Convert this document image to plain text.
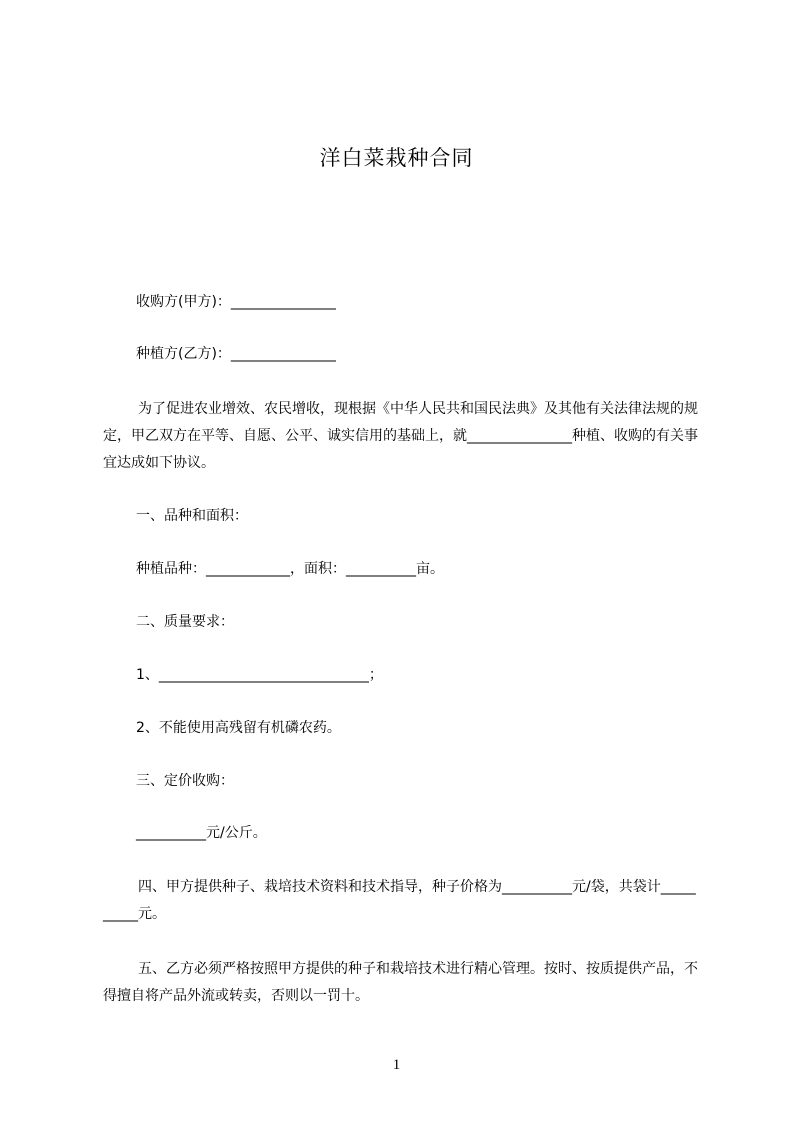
洋白菜栽种合同
收购方(甲方)：_______________
种植方(乙方)：_______________
为了促进农业增效、农民增收，现根据《中华人民共和国民法典》及其他有关法律法规的规定，甲乙双方在平等、自愿、公平、诚实信用的基础上，就_______________种植、收购的有关事宜达成如下协议。
一、品种和面积：
种植品种：____________，面积：__________亩。
二、质量要求：
1、______________________________；
2、不能使用高残留有机磷农药。
三、定价收购：
__________元/公斤。
四、甲方提供种子、栽培技术资料和技术指导，种子价格为__________元/袋，共袋计__________元。
五、乙方必须严格按照甲方提供的种子和栽培技术进行精心管理。按时、按质提供产品，不得擅自将产品外流或转卖，否则以一罚十。
1
